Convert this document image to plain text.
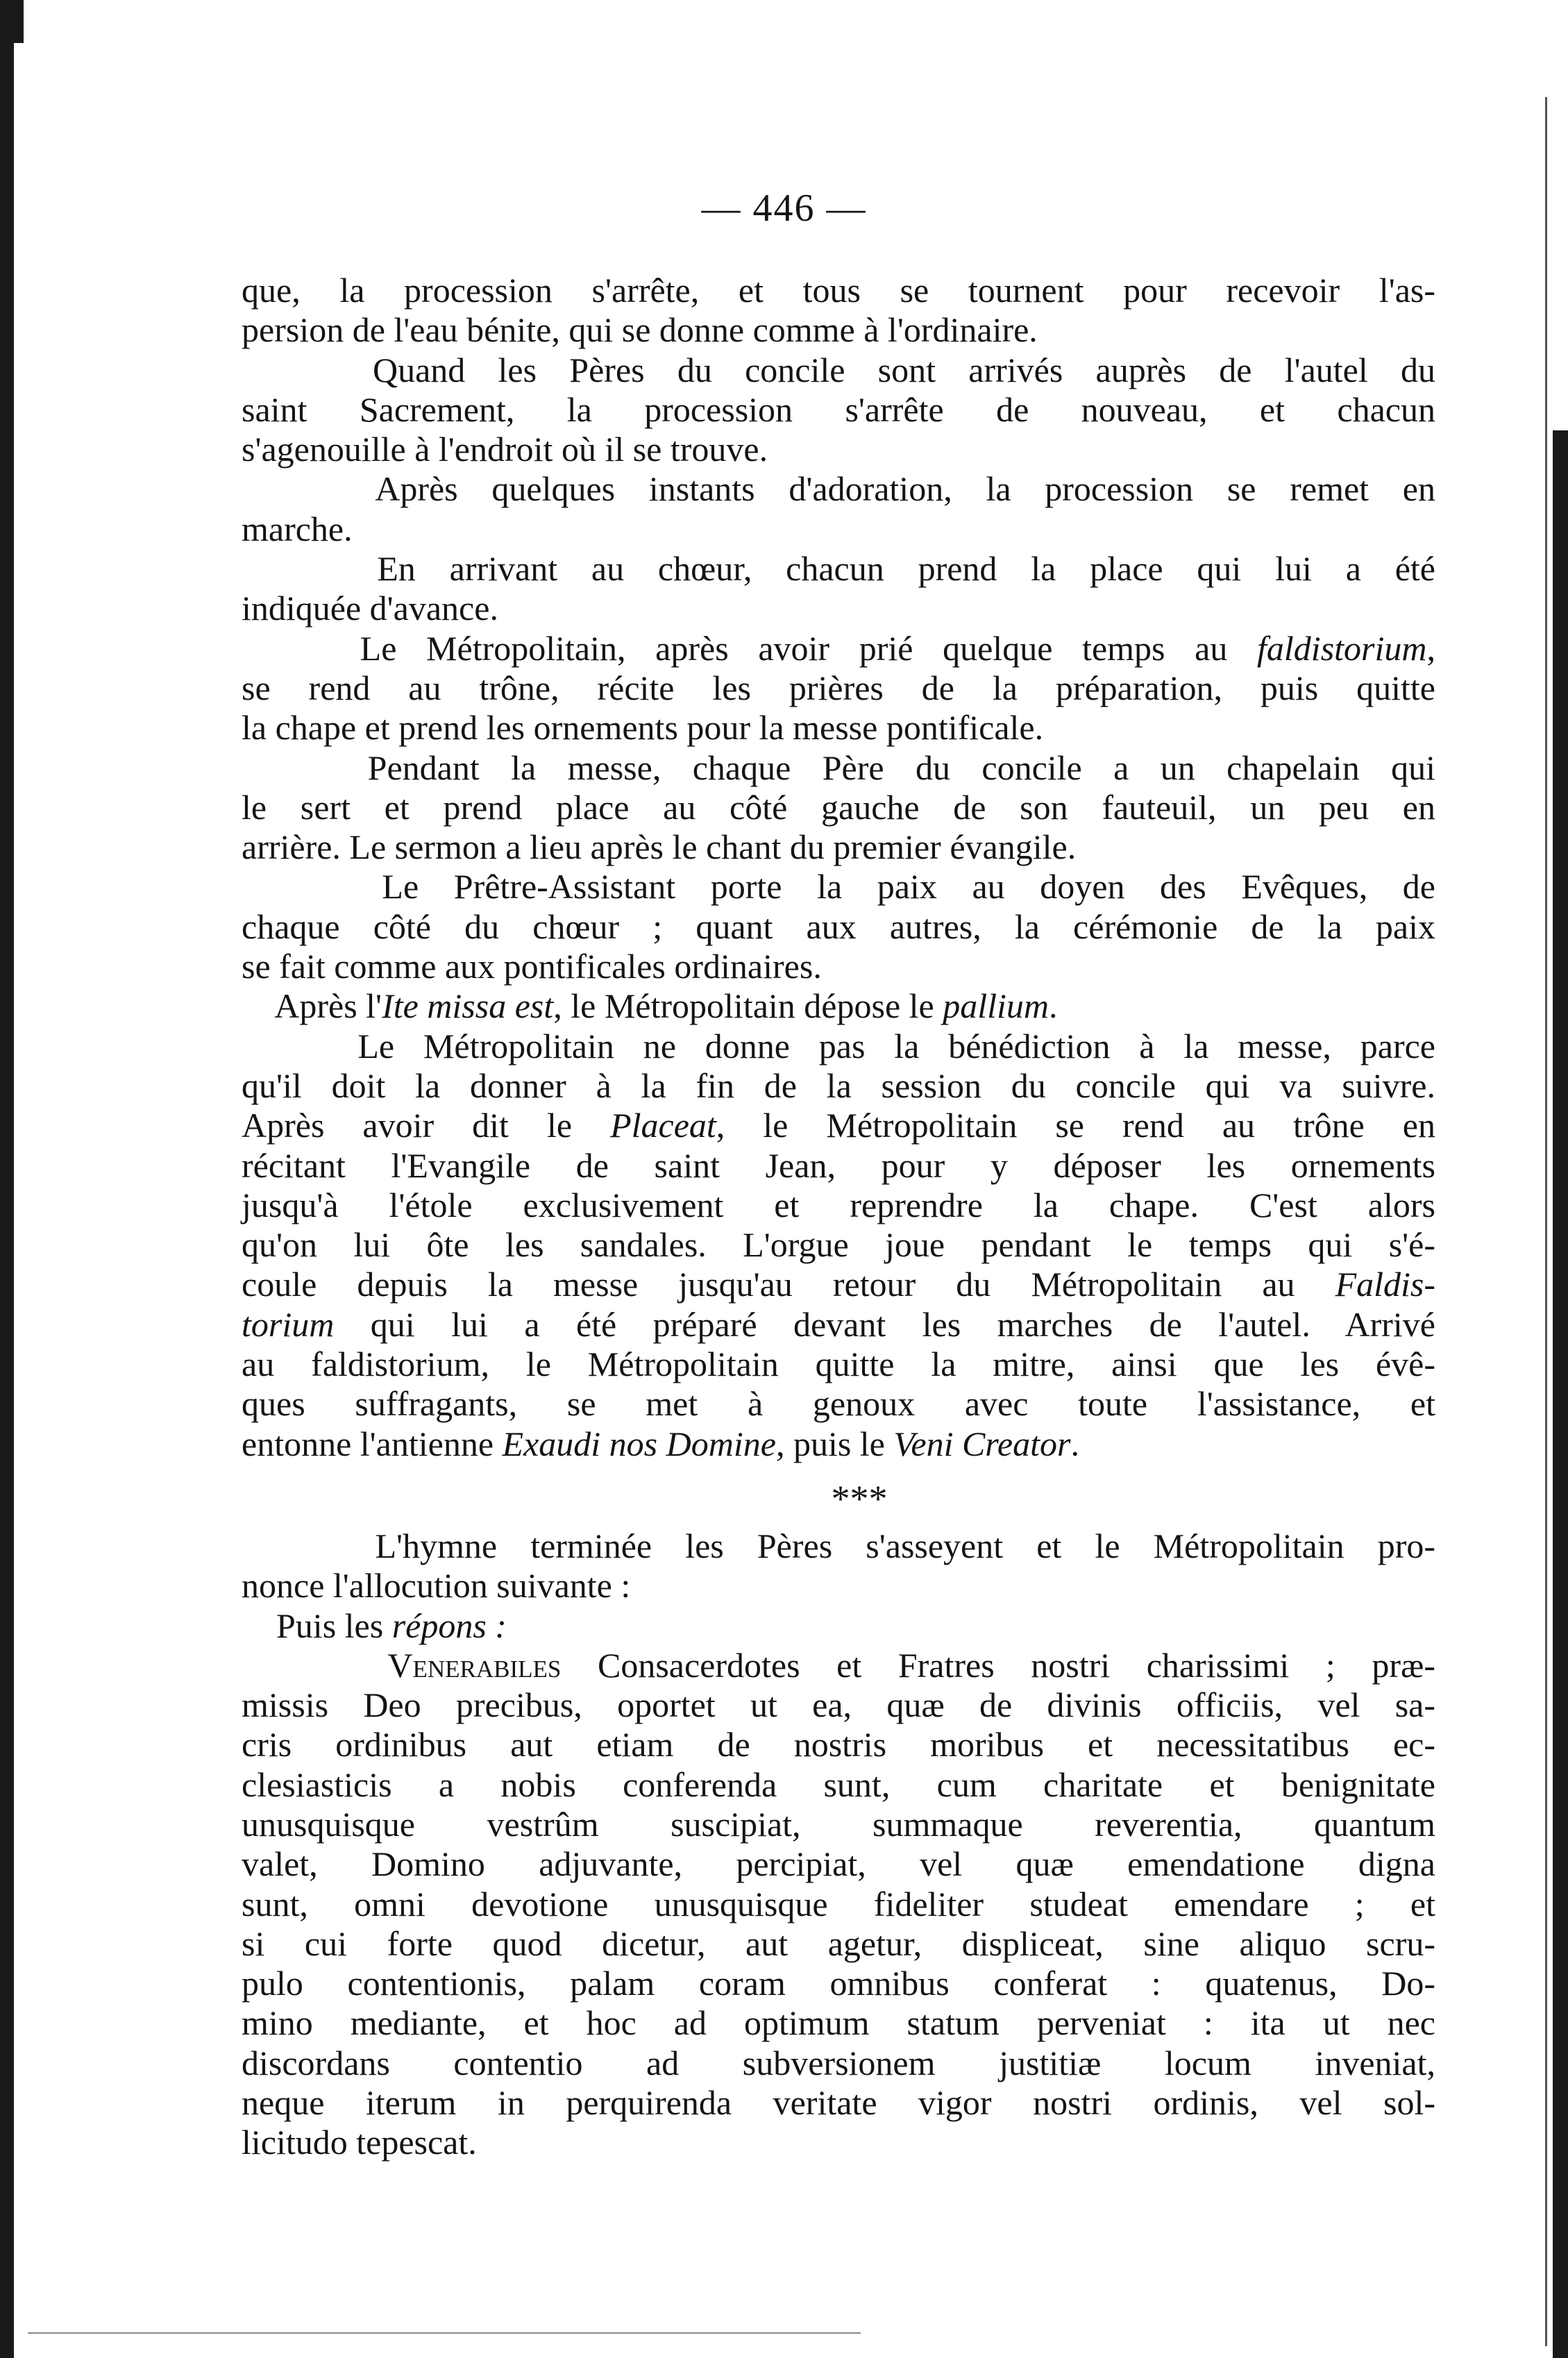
— 446 —
que, la procession s'arrête, et tous se tournent pour recevoir l'as-
persion de l'eau bénite, qui se donne comme à l'ordinaire.
Quand les Pères du concile sont arrivés auprès de l'autel du
saint Sacrement, la procession s'arrête de nouveau, et chacun
s'agenouille à l'endroit où il se trouve.
Après quelques instants d'adoration, la procession se remet en
marche.
En arrivant au chœur, chacun prend la place qui lui a été
indiquée d'avance.
Le Métropolitain, après avoir prié quelque temps au faldistorium,
se rend au trône, récite les prières de la préparation, puis quitte
la chape et prend les ornements pour la messe pontificale.
Pendant la messe, chaque Père du concile a un chapelain qui
le sert et prend place au côté gauche de son fauteuil, un peu en
arrière. Le sermon a lieu après le chant du premier évangile.
Le Prêtre-Assistant porte la paix au doyen des Evêques, de
chaque côté du chœur ; quant aux autres, la cérémonie de la paix
se fait comme aux pontificales ordinaires.
Après l'Ite missa est, le Métropolitain dépose le pallium.
Le Métropolitain ne donne pas la bénédiction à la messe, parce
qu'il doit la donner à la fin de la session du concile qui va suivre.
Après avoir dit le Placeat, le Métropolitain se rend au trône en
récitant l'Evangile de saint Jean, pour y déposer les ornements
jusqu'à l'étole exclusivement et reprendre la chape. C'est alors
qu'on lui ôte les sandales. L'orgue joue pendant le temps qui s'é-
coule depuis la messe jusqu'au retour du Métropolitain au Faldis-
torium qui lui a été préparé devant les marches de l'autel. Arrivé
au faldistorium, le Métropolitain quitte la mitre, ainsi que les évê-
ques suffragants, se met à genoux avec toute l'assistance, et
entonne l'antienne Exaudi nos Domine, puis le Veni Creator.
***
L'hymne terminée les Pères s'asseyent et le Métropolitain pro-
nonce l'allocution suivante :
Puis les répons :
Venerabiles Consacerdotes et Fratres nostri charissimi ; præ-
missis Deo precibus, oportet ut ea, quæ de divinis officiis, vel sa-
cris ordinibus aut etiam de nostris moribus et necessitatibus ec-
clesiasticis a nobis conferenda sunt, cum charitate et benignitate
unusquisque vestrûm suscipiat, summaque reverentia, quantum
valet, Domino adjuvante, percipiat, vel quæ emendatione digna
sunt, omni devotione unusquisque fideliter studeat emendare ; et
si cui forte quod dicetur, aut agetur, displiceat, sine aliquo scru-
pulo contentionis, palam coram omnibus conferat : quatenus, Do-
mino mediante, et hoc ad optimum statum perveniat : ita ut nec
discordans contentio ad subversionem justitiæ locum inveniat,
neque iterum in perquirenda veritate vigor nostri ordinis, vel sol-
licitudo tepescat.
